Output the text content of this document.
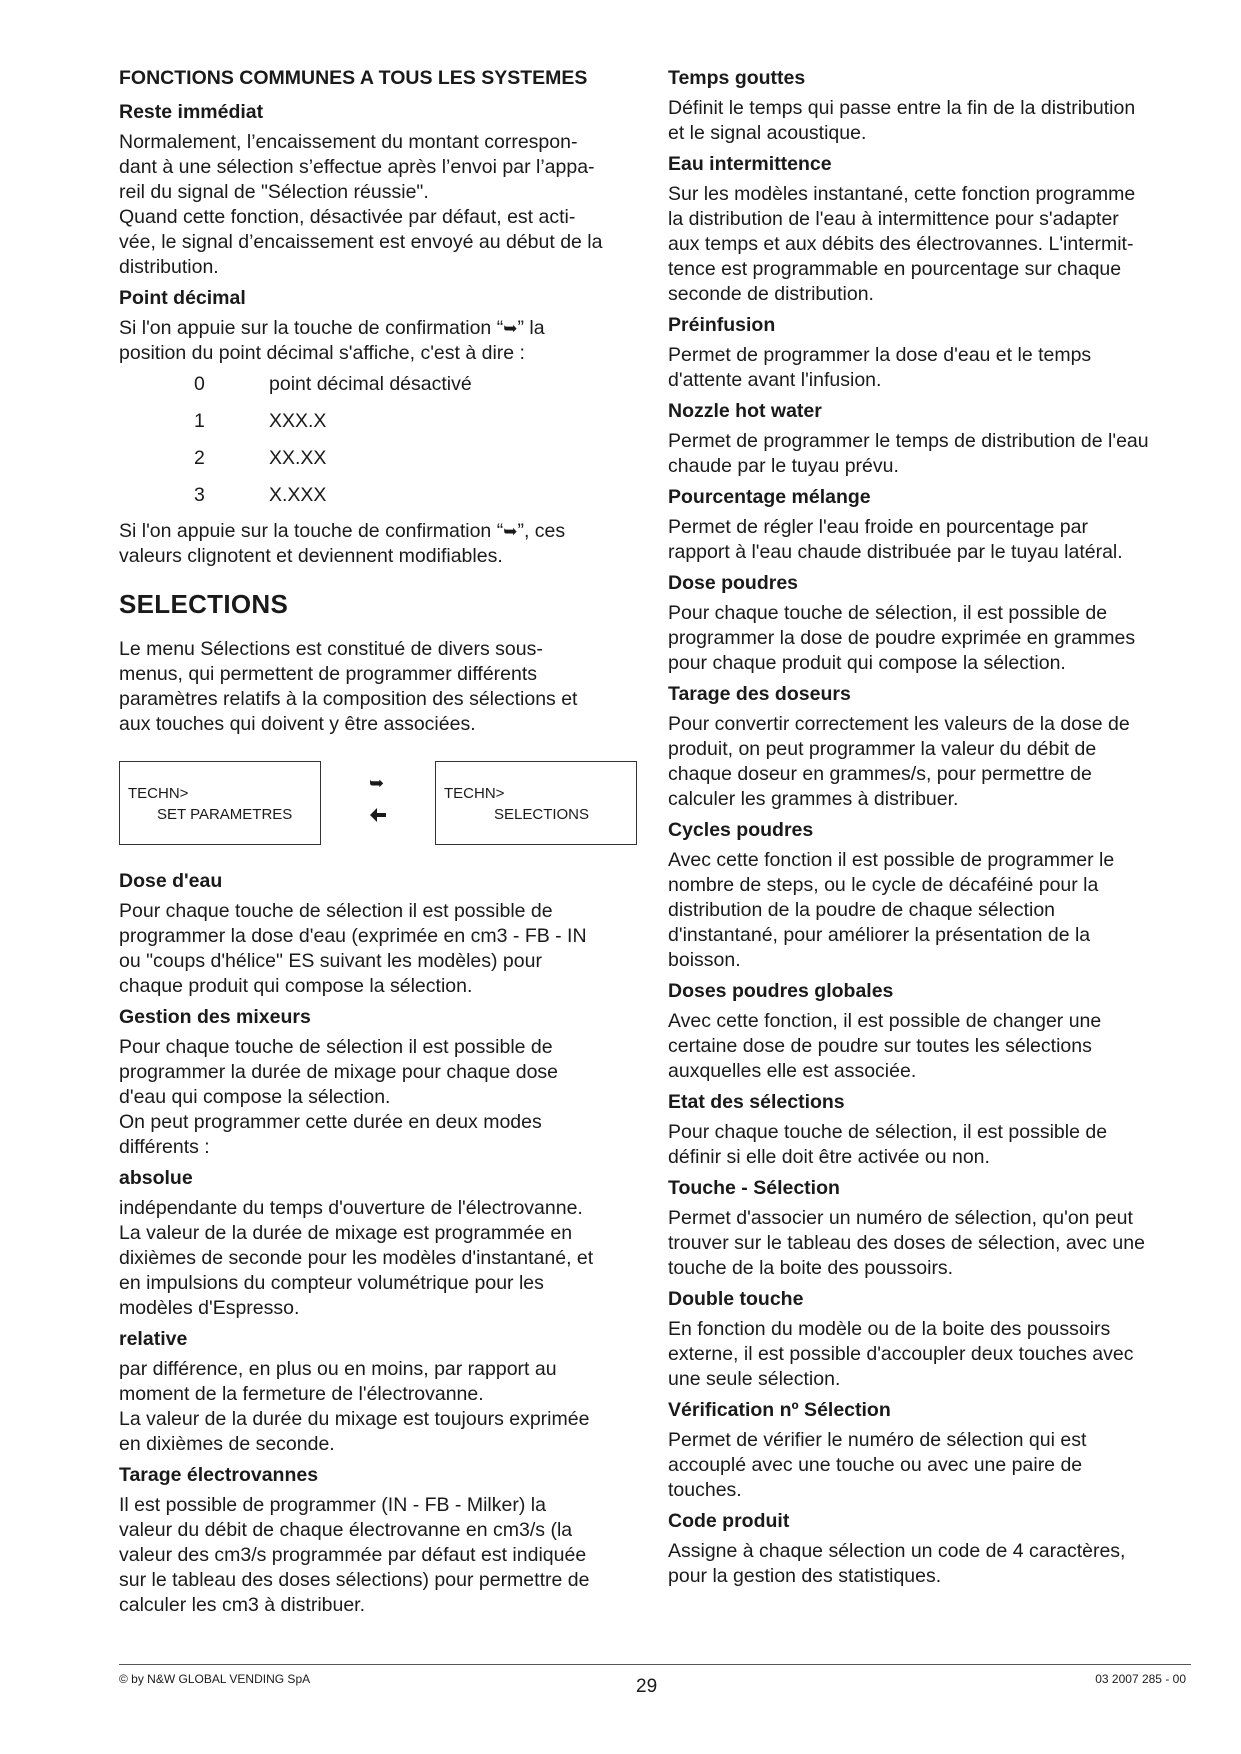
FONCTIONS COMMUNES A TOUS LES SYSTEMES
Reste immédiat
Normalement, l’encaissement du montant correspon-
dant à une sélection s’effectue après l’envoi par l’appa-
reil du signal de "Sélection réussie".
Quand cette fonction, désactivée par défaut, est acti-
vée, le signal d’encaissement est envoyé au début de la
distribution.
Point décimal
Si l'on appuie sur la touche de confirmation “➥” la
position du point décimal s'affiche, c'est à dire :
0	point décimal désactivé
1	XXX.X
2	XX.XX
3	X.XXX
Si l'on appuie sur la touche de confirmation “➥”, ces
valeurs clignotent et deviennent modifiables.
SELECTIONS
Le menu Sélections est constitué de divers sous-
menus, qui permettent de programmer différents
paramètres relatifs à la composition des sélections et
aux touches qui doivent y être associées.
TECHN>
SET PARAMETRES
➥
TECHN>
SELECTIONS
Dose d'eau
Pour chaque touche de sélection il est possible de
programmer la dose d'eau (exprimée en cm3 - FB - IN
ou "coups d'hélice" ES suivant les modèles) pour
chaque produit qui compose la sélection.
Gestion des mixeurs
Pour chaque touche de sélection il est possible de
programmer la durée de mixage pour chaque dose
d'eau qui compose la sélection.
On peut programmer cette durée en deux modes
différents :
absolue
indépendante du temps d'ouverture de l'électrovanne.
La valeur de la durée de mixage est programmée en
dixièmes de seconde pour les modèles d'instantané, et
en impulsions du compteur volumétrique pour les
modèles d'Espresso.
relative
par différence, en plus ou en moins, par rapport au
moment de la fermeture de l'électrovanne.
La valeur de la durée du mixage est toujours exprimée
en dixièmes de seconde.
Tarage électrovannes
Il est possible de programmer (IN - FB - Milker) la
valeur du débit de chaque électrovanne en cm3/s (la
valeur des cm3/s programmée par défaut est indiquée
sur le tableau des doses sélections) pour permettre de
calculer les cm3 à distribuer.
Temps gouttes
Définit le temps qui passe entre la fin de la distribution
et le signal acoustique.
Eau intermittence
Sur les modèles instantané, cette fonction programme
la distribution de l'eau à intermittence pour s'adapter
aux temps et aux débits des électrovannes. L'intermit-
tence est programmable en pourcentage sur chaque
seconde de distribution.
Préinfusion
Permet de programmer la dose d'eau et le temps
d'attente avant l'infusion.
Nozzle hot water
Permet de programmer le temps de distribution de l'eau
chaude par le tuyau prévu.
Pourcentage mélange
Permet de régler l'eau froide en pourcentage par
rapport à l'eau chaude distribuée par le tuyau latéral.
Dose poudres
Pour chaque touche de sélection, il est possible de
programmer la dose de poudre exprimée en grammes
pour chaque produit qui compose la sélection.
Tarage des doseurs
Pour convertir correctement les valeurs de la dose de
produit, on peut programmer la valeur du débit de
chaque doseur en grammes/s, pour permettre de
calculer les grammes à distribuer.
Cycles poudres
Avec cette fonction il est possible de programmer le
nombre de steps, ou le cycle de décaféiné pour la
distribution de la poudre de chaque sélection
d'instantané, pour améliorer la présentation de la
boisson.
Doses poudres globales
Avec cette fonction, il est possible de changer une
certaine dose de poudre sur toutes les sélections
auxquelles elle est associée.
Etat des sélections
Pour chaque touche de sélection, il est possible de
définir si elle doit être activée ou non.
Touche - Sélection
Permet d'associer un numéro de sélection, qu'on peut
trouver sur le tableau des doses de sélection, avec une
touche de la boite des poussoirs.
Double touche
En fonction du modèle ou de la boite des poussoirs
externe, il est possible d'accoupler deux touches avec
une seule sélection.
Vérification nº Sélection
Permet de vérifier le numéro de sélection qui est
accouplé avec une touche ou avec une paire de
touches.
Code produit
Assigne à chaque sélection un code de 4 caractères,
pour la gestion des statistiques.
© by N&W GLOBAL VENDING SpA	29	03 2007 285 - 00
